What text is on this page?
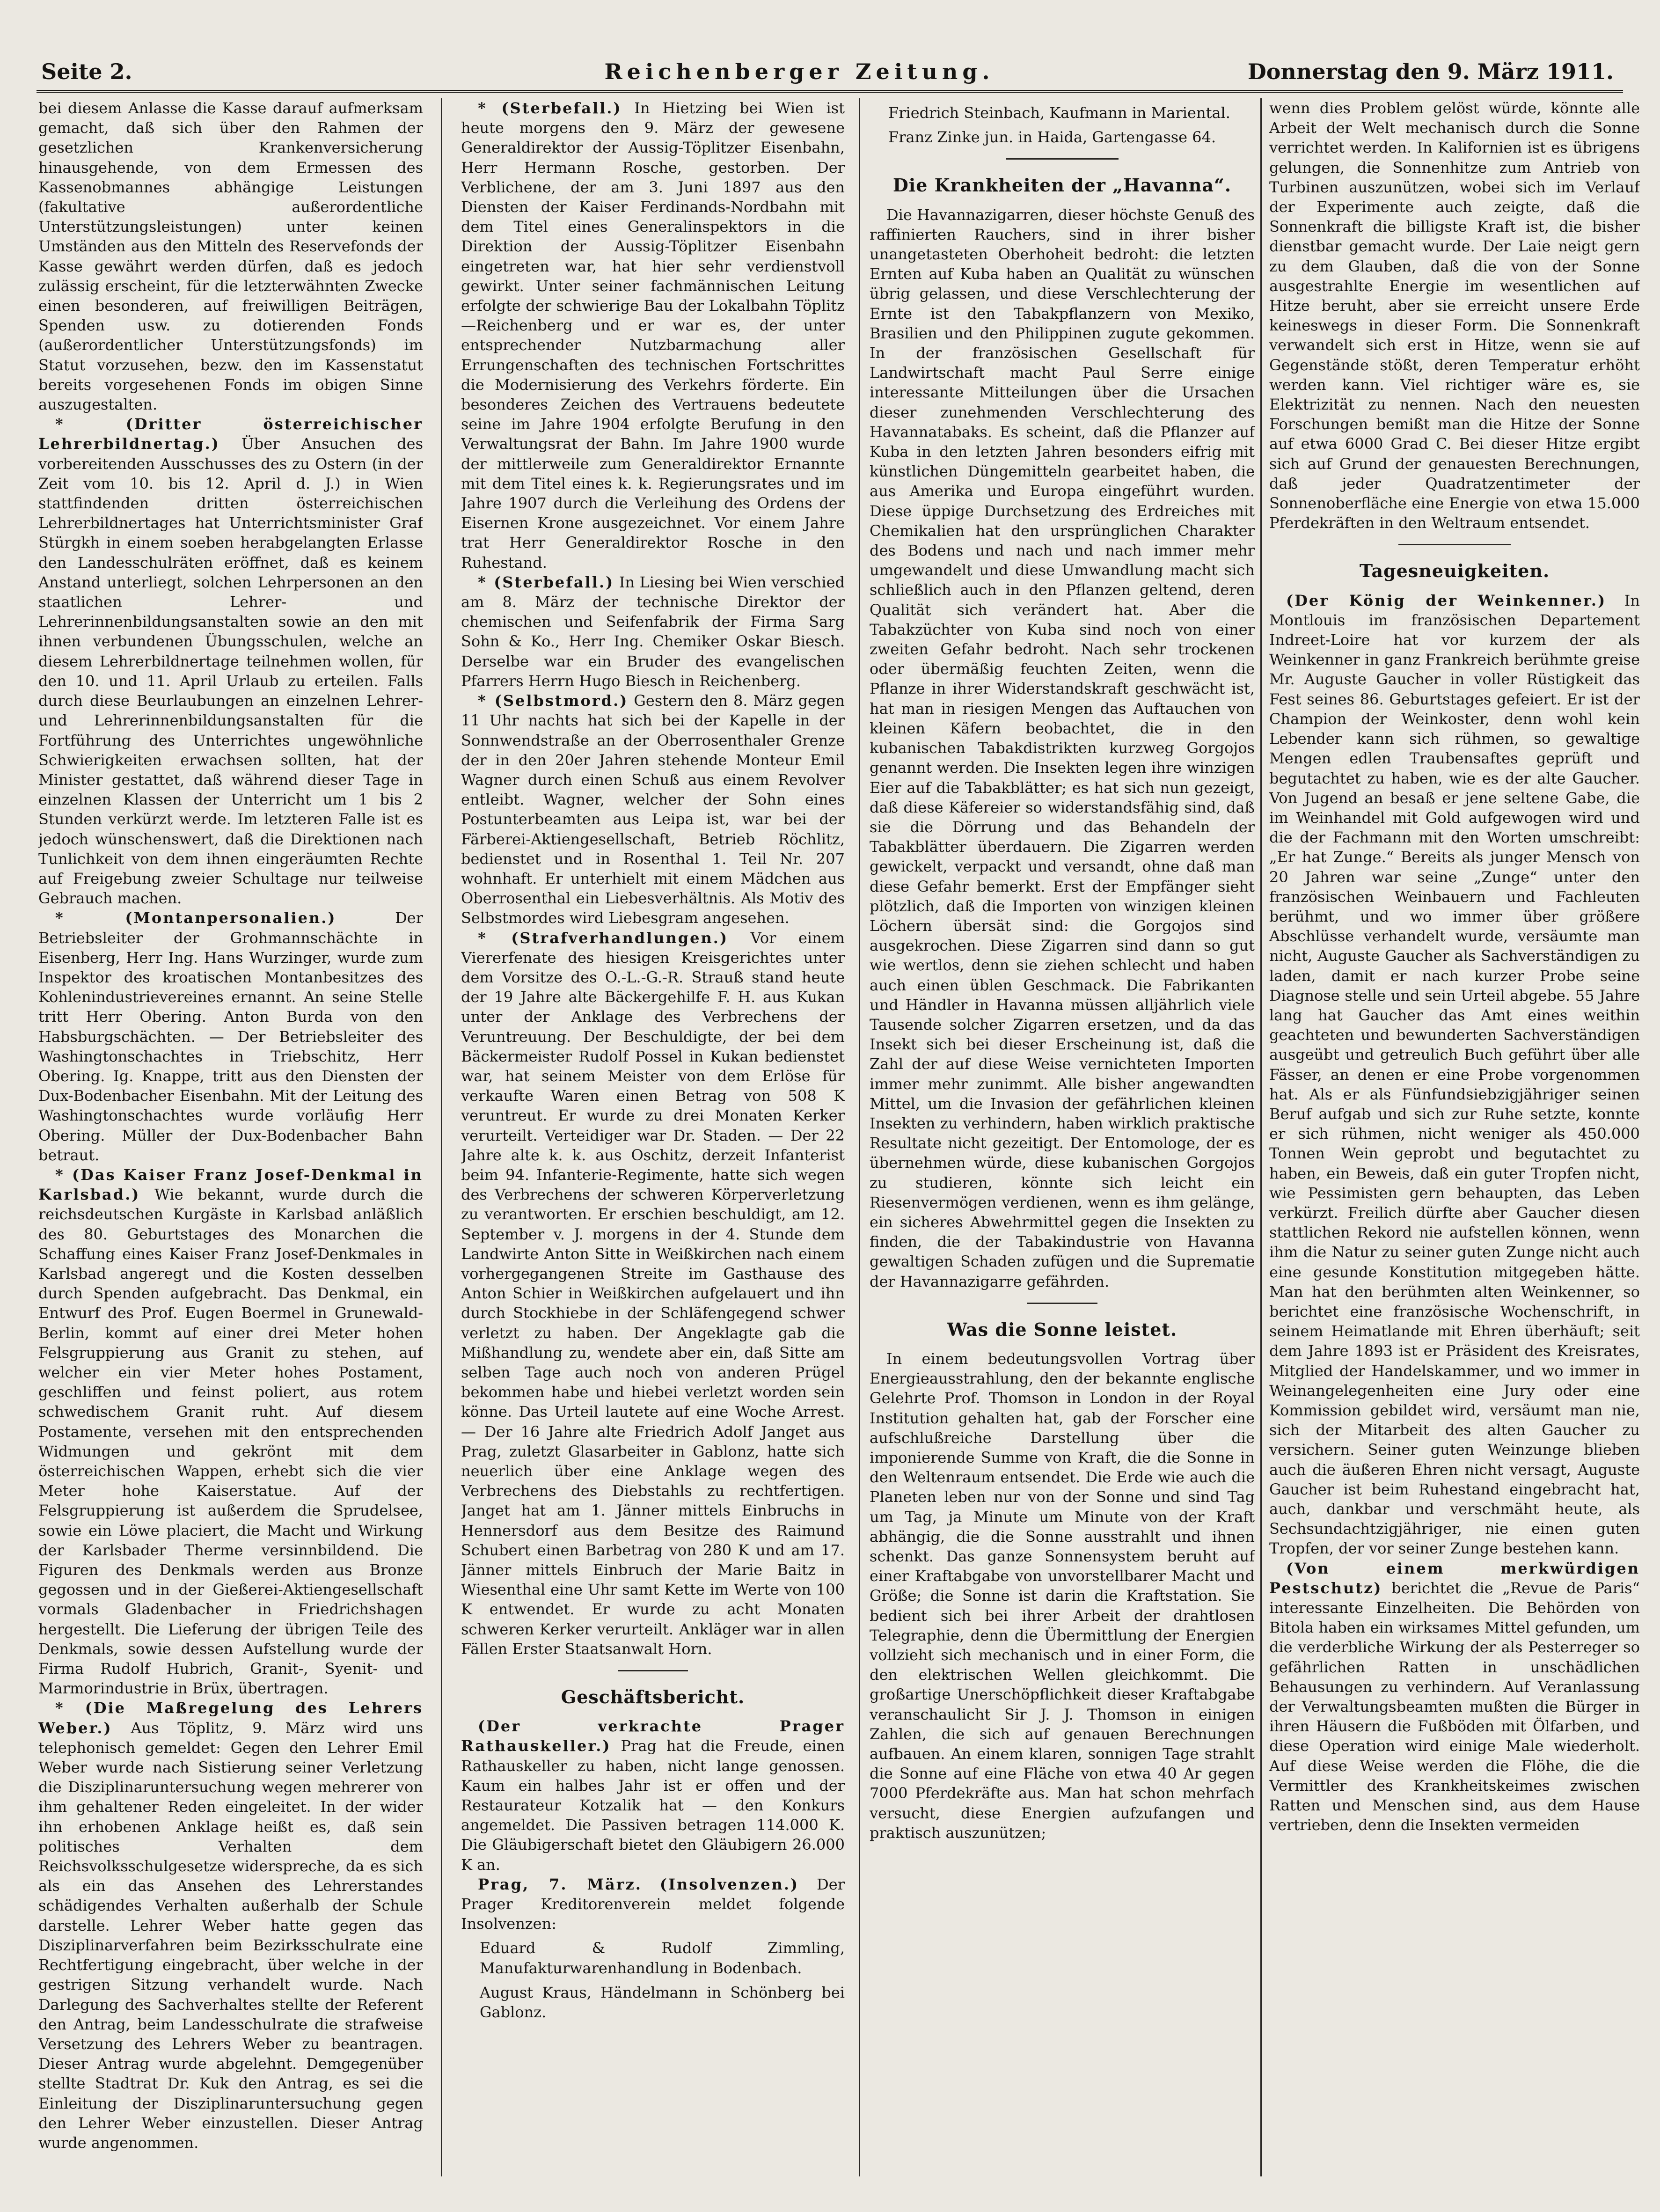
Seite 2.	Reichenberger Zeitung.	Donnerstag den 9. März 1911.

bei diesem Anlasse die Kasse darauf aufmerksam gemacht, daß sich über den Rahmen der gesetzlichen Krankenversicherung hinausgehende, von dem Ermessen des Kassenobmannes abhängige Leistungen (fakultative außerordentliche Unterstützungsleistungen) unter keinen Umständen aus den Mitteln des Reservefonds der Kasse gewährt werden dürfen, daß es jedoch zulässig erscheint, für die letzterwähnten Zwecke einen besonderen, auf freiwilligen Beiträgen, Spenden usw. zu dotierenden Fonds (außerordentlicher Unterstützungsfonds) im Statut vorzusehen, bezw. den im Kassenstatut bereits vorgesehenen Fonds im obigen Sinne auszugestalten.

* (Dritter österreichischer Lehrerbildnertag.) Über Ansuchen des vorbereitenden Ausschusses des zu Ostern (in der Zeit vom 10. bis 12. April d. J.) in Wien stattfindenden dritten österreichischen Lehrerbildnertages hat Unterrichtsminister Graf Stürgkh in einem soeben herabgelangten Erlasse den Landesschulräten eröffnet, daß es keinem Anstand unterliegt, solchen Lehrpersonen an den staatlichen Lehrer- und Lehrerinnenbildungsanstalten sowie an den mit ihnen verbundenen Übungsschulen, welche an diesem Lehrerbildnertage teilnehmen wollen, für den 10. und 11. April Urlaub zu erteilen. Falls durch diese Beurlaubungen an einzelnen Lehrer- und Lehrerinnenbildungsanstalten für die Fortführung des Unterrichtes ungewöhnliche Schwierigkeiten erwachsen sollten, hat der Minister gestattet, daß während dieser Tage in einzelnen Klassen der Unterricht um 1 bis 2 Stunden verkürzt werde. Im letzteren Falle ist es jedoch wünschenswert, daß die Direktionen nach Tunlichkeit von dem ihnen eingeräumten Rechte auf Freigebung zweier Schultage nur teilweise Gebrauch machen.

* (Montanpersonalien.) Der Betriebsleiter der Grohmannschächte in Eisenberg, Herr Ing. Hans Wurzinger, wurde zum Inspektor des kroatischen Montanbesitzes des Kohlenindustrievereines ernannt. An seine Stelle tritt Herr Obering. Anton Burda von den Habsburgschächten. — Der Betriebsleiter des Washingtonschachtes in Triebschitz, Herr Obering. Ig. Knappe, tritt aus den Diensten der Dux-Bodenbacher Eisenbahn. Mit der Leitung des Washingtonschachtes wurde vorläufig Herr Obering. Müller der Dux-Bodenbacher Bahn betraut.

* (Das Kaiser Franz Josef-Denkmal in Karlsbad.) Wie bekannt, wurde durch die reichsdeutschen Kurgäste in Karlsbad anläßlich des 80. Geburtstages des Monarchen die Schaffung eines Kaiser Franz Josef-Denkmales in Karlsbad angeregt und die Kosten desselben durch Spenden aufgebracht. Das Denkmal, ein Entwurf des Prof. Eugen Boermel in Grunewald-Berlin, kommt auf einer drei Meter hohen Felsgruppierung aus Granit zu stehen, auf welcher ein vier Meter hohes Postament, geschliffen und feinst poliert, aus rotem schwedischem Granit ruht. Auf diesem Postamente, versehen mit den entsprechenden Widmungen und gekrönt mit dem österreichischen Wappen, erhebt sich die vier Meter hohe Kaiserstatue. Auf der Felsgruppierung ist außerdem die Sprudelsee, sowie ein Löwe placiert, die Macht und Wirkung der Karlsbader Therme versinnbildend. Die Figuren des Denkmals werden aus Bronze gegossen und in der Gießerei-Aktiengesellschaft vormals Gladenbacher in Friedrichshagen hergestellt. Die Lieferung der übrigen Teile des Denkmals, sowie dessen Aufstellung wurde der Firma Rudolf Hubrich, Granit-, Syenit- und Marmorindustrie in Brüx, übertragen.

* (Die Maßregelung des Lehrers Weber.) Aus Töplitz, 9. März wird uns telephonisch gemeldet: Gegen den Lehrer Emil Weber wurde nach Sistierung seiner Verletzung die Disziplinaruntersuchung wegen mehrerer von ihm gehaltener Reden eingeleitet. In der wider ihn erhobenen Anklage heißt es, daß sein politisches Verhalten dem Reichsvolksschulgesetze widerspreche, da es sich als ein das Ansehen des Lehrerstandes schädigendes Verhalten außerhalb der Schule darstelle. Lehrer Weber hatte gegen das Disziplinarverfahren beim Bezirksschulrate eine Rechtfertigung eingebracht, über welche in der gestrigen Sitzung verhandelt wurde. Nach Darlegung des Sachverhaltes stellte der Referent den Antrag, beim Landesschulrate die strafweise Versetzung des Lehrers Weber zu beantragen. Dieser Antrag wurde abgelehnt. Demgegenüber stellte Stadtrat Dr. Kuk den Antrag, es sei die Einleitung der Disziplinaruntersuchung gegen den Lehrer Weber einzustellen. Dieser Antrag wurde angenommen.

* (Sterbefall.) In Hietzing bei Wien ist heute morgens den 9. März der gewesene Generaldirektor der Aussig-Töplitzer Eisenbahn, Herr Hermann Rosche, gestorben. Der Verblichene, der am 3. Juni 1897 aus den Diensten der Kaiser Ferdinands-Nordbahn mit dem Titel eines Generalinspektors in die Direktion der Aussig-Töplitzer Eisenbahn eingetreten war, hat hier sehr verdienstvoll gewirkt. Unter seiner fachmännischen Leitung erfolgte der schwierige Bau der Lokalbahn Töplitz—Reichenberg und er war es, der unter entsprechender Nutzbarmachung aller Errungenschaften des technischen Fortschrittes die Modernisierung des Verkehrs förderte. Ein besonderes Zeichen des Vertrauens bedeutete seine im Jahre 1904 erfolgte Berufung in den Verwaltungsrat der Bahn. Im Jahre 1900 wurde der mittlerweile zum Generaldirektor Ernannte mit dem Titel eines k. k. Regierungsrates und im Jahre 1907 durch die Verleihung des Ordens der Eisernen Krone ausgezeichnet. Vor einem Jahre trat Herr Generaldirektor Rosche in den Ruhestand.

* (Sterbefall.) In Liesing bei Wien verschied am 8. März der technische Direktor der chemischen und Seifenfabrik der Firma Sarg Sohn & Ko., Herr Ing. Chemiker Oskar Biesch. Derselbe war ein Bruder des evangelischen Pfarrers Herrn Hugo Biesch in Reichenberg.

* (Selbstmord.) Gestern den 8. März gegen 11 Uhr nachts hat sich bei der Kapelle in der Sonnwendstraße an der Oberrosenthaler Grenze der in den 20er Jahren stehende Monteur Emil Wagner durch einen Schuß aus einem Revolver entleibt. Wagner, welcher der Sohn eines Postunterbeamten aus Leipa ist, war bei der Färberei-Aktiengesellschaft, Betrieb Röchlitz, bedienstet und in Rosenthal 1. Teil Nr. 207 wohnhaft. Er unterhielt mit einem Mädchen aus Oberrosenthal ein Liebesverhältnis. Als Motiv des Selbstmordes wird Liebesgram angesehen.

* (Strafverhandlungen.) Vor einem Viererfenate des hiesigen Kreisgerichtes unter dem Vorsitze des O.-L.-G.-R. Strauß stand heute der 19 Jahre alte Bäckergehilfe F. H. aus Kukan unter der Anklage des Verbrechens der Veruntreuung. Der Beschuldigte, der bei dem Bäckermeister Rudolf Possel in Kukan bedienstet war, hat seinem Meister von dem Erlöse für verkaufte Waren einen Betrag von 508 K veruntreut. Er wurde zu drei Monaten Kerker verurteilt. Verteidiger war Dr. Staden. — Der 22 Jahre alte k. k. aus Oschitz, derzeit Infanterist beim 94. Infanterie-Regimente, hatte sich wegen des Verbrechens der schweren Körperverletzung zu verantworten. Er erschien beschuldigt, am 12. September v. J. morgens in der 4. Stunde dem Landwirte Anton Sitte in Weißkirchen nach einem vorhergegangenen Streite im Gasthause des Anton Schier in Weißkirchen aufgelauert und ihn durch Stockhiebe in der Schläfengegend schwer verletzt zu haben. Der Angeklagte gab die Mißhandlung zu, wendete aber ein, daß Sitte am selben Tage auch noch von anderen Prügel bekommen habe und hiebei verletzt worden sein könne. Das Urteil lautete auf eine Woche Arrest. — Der 16 Jahre alte Friedrich Adolf Janget aus Prag, zuletzt Glasarbeiter in Gablonz, hatte sich neuerlich über eine Anklage wegen des Verbrechens des Diebstahls zu rechtfertigen. Janget hat am 1. Jänner mittels Einbruchs in Hennersdorf aus dem Besitze des Raimund Schubert einen Barbetrag von 280 K und am 17. Jänner mittels Einbruch der Marie Baitz in Wiesenthal eine Uhr samt Kette im Werte von 100 K entwendet. Er wurde zu acht Monaten schweren Kerker verurteilt. Ankläger war in allen Fällen Erster Staatsanwalt Horn.

Geschäftsbericht.

(Der verkrachte Prager Rathauskeller.) Prag hat die Freude, einen Rathauskeller zu haben, nicht lange genossen. Kaum ein halbes Jahr ist er offen und der Restaurateur Kotzalik hat — den Konkurs angemeldet. Die Passiven betragen 114.000 K. Die Gläubigerschaft bietet den Gläubigern 26.000 K an.

Prag, 7. März. (Insolvenzen.) Der Prager Kreditorenverein meldet folgende Insolvenzen:

Eduard & Rudolf Zimmling, Manufakturwarenhandlung in Bodenbach.

August Kraus, Händelmann in Schönberg bei Gablonz.

Friedrich Steinbach, Kaufmann in Mariental.

Franz Zinke jun. in Haida, Gartengasse 64.

Die Krankheiten der „Havanna“.

Die Havannazigarren, dieser höchste Genuß des raffinierten Rauchers, sind in ihrer bisher unangetasteten Oberhoheit bedroht: die letzten Ernten auf Kuba haben an Qualität zu wünschen übrig gelassen, und diese Verschlechterung der Ernte ist den Tabakpflanzern von Mexiko, Brasilien und den Philippinen zugute gekommen. In der französischen Gesellschaft für Landwirtschaft macht Paul Serre einige interessante Mitteilungen über die Ursachen dieser zunehmenden Verschlechterung des Havannatabaks. Es scheint, daß die Pflanzer auf Kuba in den letzten Jahren besonders eifrig mit künstlichen Düngemitteln gearbeitet haben, die aus Amerika und Europa eingeführt wurden. Diese üppige Durchsetzung des Erdreiches mit Chemikalien hat den ursprünglichen Charakter des Bodens und nach und nach immer mehr umgewandelt und diese Umwandlung macht sich schließlich auch in den Pflanzen geltend, deren Qualität sich verändert hat. Aber die Tabakzüchter von Kuba sind noch von einer zweiten Gefahr bedroht. Nach sehr trockenen oder übermäßig feuchten Zeiten, wenn die Pflanze in ihrer Widerstandskraft geschwächt ist, hat man in riesigen Mengen das Auftauchen von kleinen Käfern beobachtet, die in den kubanischen Tabakdistrikten kurzweg Gorgojos genannt werden. Die Insekten legen ihre winzigen Eier auf die Tabakblätter; es hat sich nun gezeigt, daß diese Käfereier so widerstandsfähig sind, daß sie die Dörrung und das Behandeln der Tabakblätter überdauern. Die Zigarren werden gewickelt, verpackt und versandt, ohne daß man diese Gefahr bemerkt. Erst der Empfänger sieht plötzlich, daß die Importen von winzigen kleinen Löchern übersät sind: die Gorgojos sind ausgekrochen. Diese Zigarren sind dann so gut wie wertlos, denn sie ziehen schlecht und haben auch einen üblen Geschmack. Die Fabrikanten und Händler in Havanna müssen alljährlich viele Tausende solcher Zigarren ersetzen, und da das Insekt sich bei dieser Erscheinung ist, daß die Zahl der auf diese Weise vernichteten Importen immer mehr zunimmt. Alle bisher angewandten Mittel, um die Invasion der gefährlichen kleinen Insekten zu verhindern, haben wirklich praktische Resultate nicht gezeitigt. Der Entomologe, der es übernehmen würde, diese kubanischen Gorgojos zu studieren, könnte sich leicht ein Riesenvermögen verdienen, wenn es ihm gelänge, ein sicheres Abwehrmittel gegen die Insekten zu finden, die der Tabakindustrie von Havanna gewaltigen Schaden zufügen und die Suprematie der Havannazigarre gefährden.

Was die Sonne leistet.

In einem bedeutungsvollen Vortrag über Energieausstrahlung, den der bekannte englische Gelehrte Prof. Thomson in London in der Royal Institution gehalten hat, gab der Forscher eine aufschlußreiche Darstellung über die imponierende Summe von Kraft, die die Sonne in den Weltenraum entsendet. Die Erde wie auch die Planeten leben nur von der Sonne und sind Tag um Tag, ja Minute um Minute von der Kraft abhängig, die die Sonne ausstrahlt und ihnen schenkt. Das ganze Sonnensystem beruht auf einer Kraftabgabe von unvorstellbarer Macht und Größe; die Sonne ist darin die Kraftstation. Sie bedient sich bei ihrer Arbeit der drahtlosen Telegraphie, denn die Übermittlung der Energien vollzieht sich mechanisch und in einer Form, die den elektrischen Wellen gleichkommt. Die großartige Unerschöpflichkeit dieser Kraftabgabe veranschaulicht Sir J. J. Thomson in einigen Zahlen, die sich auf genauen Berechnungen aufbauen. An einem klaren, sonnigen Tage strahlt die Sonne auf eine Fläche von etwa 40 Ar gegen 7000 Pferdekräfte aus. Man hat schon mehrfach versucht, diese Energien aufzufangen und praktisch auszunützen;

wenn dies Problem gelöst würde, könnte alle Arbeit der Welt mechanisch durch die Sonne verrichtet werden. In Kalifornien ist es übrigens gelungen, die Sonnenhitze zum Antrieb von Turbinen auszunützen, wobei sich im Verlauf der Experimente auch zeigte, daß die Sonnenkraft die billigste Kraft ist, die bisher dienstbar gemacht wurde. Der Laie neigt gern zu dem Glauben, daß die von der Sonne ausgestrahlte Energie im wesentlichen auf Hitze beruht, aber sie erreicht unsere Erde keineswegs in dieser Form. Die Sonnenkraft verwandelt sich erst in Hitze, wenn sie auf Gegenstände stößt, deren Temperatur erhöht werden kann. Viel richtiger wäre es, sie Elektrizität zu nennen. Nach den neuesten Forschungen bemißt man die Hitze der Sonne auf etwa 6000 Grad C. Bei dieser Hitze ergibt sich auf Grund der genauesten Berechnungen, daß jeder Quadratzentimeter der Sonnenoberfläche eine Energie von etwa 15.000 Pferdekräften in den Weltraum entsendet.

Tagesneuigkeiten.

(Der König der Weinkenner.) In Montlouis im französischen Departement Indreet-Loire hat vor kurzem der als Weinkenner in ganz Frankreich berühmte greise Mr. Auguste Gaucher in voller Rüstigkeit das Fest seines 86. Geburtstages gefeiert. Er ist der Champion der Weinkoster, denn wohl kein Lebender kann sich rühmen, so gewaltige Mengen edlen Traubensaftes geprüft und begutachtet zu haben, wie es der alte Gaucher. Von Jugend an besaß er jene seltene Gabe, die im Weinhandel mit Gold aufgewogen wird und die der Fachmann mit den Worten umschreibt: „Er hat Zunge.“ Bereits als junger Mensch von 20 Jahren war seine „Zunge“ unter den französischen Weinbauern und Fachleuten berühmt, und wo immer über größere Abschlüsse verhandelt wurde, versäumte man nicht, Auguste Gaucher als Sachverständigen zu laden, damit er nach kurzer Probe seine Diagnose stelle und sein Urteil abgebe. 55 Jahre lang hat Gaucher das Amt eines weithin geachteten und bewunderten Sachverständigen ausgeübt und getreulich Buch geführt über alle Fässer, an denen er eine Probe vorgenommen hat. Als er als Fünfundsiebzigjähriger seinen Beruf aufgab und sich zur Ruhe setzte, konnte er sich rühmen, nicht weniger als 450.000 Tonnen Wein geprobt und begutachtet zu haben, ein Beweis, daß ein guter Tropfen nicht, wie Pessimisten gern behaupten, das Leben verkürzt. Freilich dürfte aber Gaucher diesen stattlichen Rekord nie aufstellen können, wenn ihm die Natur zu seiner guten Zunge nicht auch eine gesunde Konstitution mitgegeben hätte. Man hat den berühmten alten Weinkenner, so berichtet eine französische Wochenschrift, in seinem Heimatlande mit Ehren überhäuft; seit dem Jahre 1893 ist er Präsident des Kreisrates, Mitglied der Handelskammer, und wo immer in Weinangelegenheiten eine Jury oder eine Kommission gebildet wird, versäumt man nie, sich der Mitarbeit des alten Gaucher zu versichern. Seiner guten Weinzunge blieben auch die äußeren Ehren nicht versagt, Auguste Gaucher ist beim Ruhestand eingebracht hat, auch, dankbar und verschmäht heute, als Sechsundachtzigjähriger, nie einen guten Tropfen, der vor seiner Zunge bestehen kann.

(Von einem merkwürdigen Pestschutz) berichtet die „Revue de Paris“ interessante Einzelheiten. Die Behörden von Bitola haben ein wirksames Mittel gefunden, um die verderbliche Wirkung der als Pesterreger so gefährlichen Ratten in unschädlichen Behausungen zu verhindern. Auf Veranlassung der Verwaltungsbeamten mußten die Bürger in ihren Häusern die Fußböden mit Ölfarben, und diese Operation wird einige Male wiederholt. Auf diese Weise werden die Flöhe, die die Vermittler des Krankheitskeimes zwischen Ratten und Menschen sind, aus dem Hause vertrieben, denn die Insekten vermeiden
